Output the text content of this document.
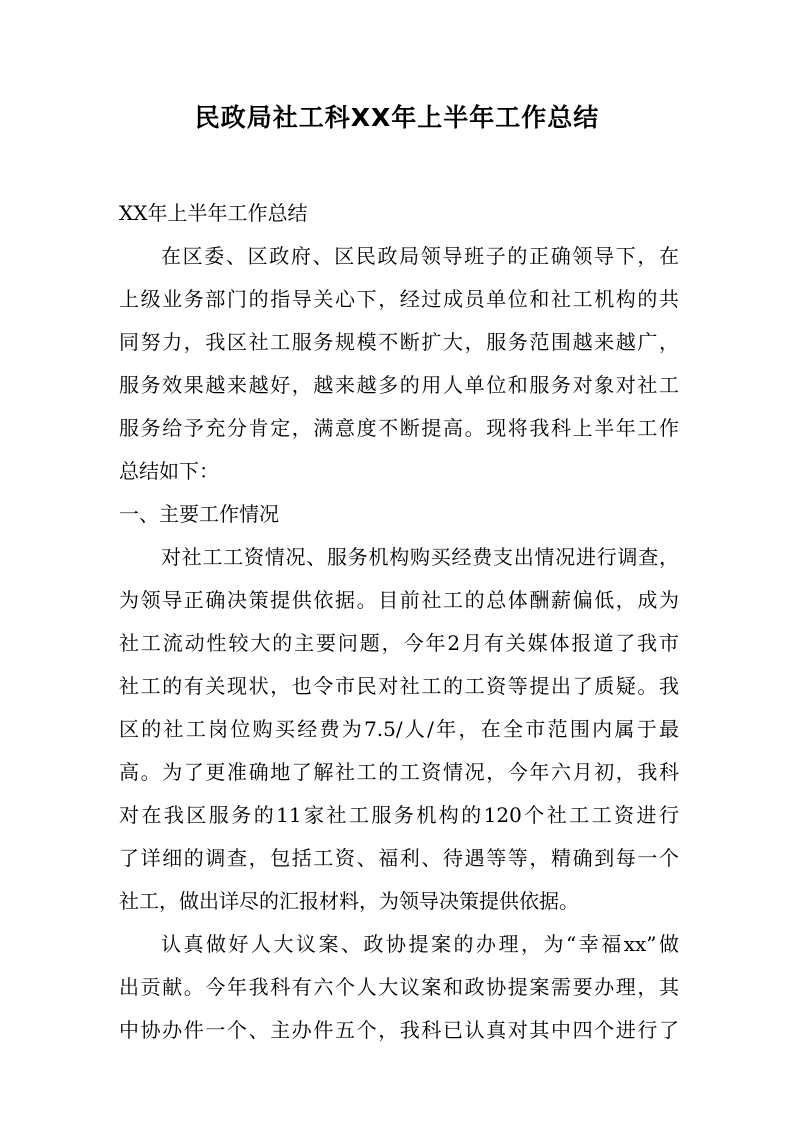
民政局社工科XX年上半年工作总结

XX年上半年工作总结

在区委、区政府、区民政局领导班子的正确领导下，在

上级业务部门的指导关心下，经过成员单位和社工机构的共

同努力，我区社工服务规模不断扩大，服务范围越来越广，

服务效果越来越好，越来越多的用人单位和服务对象对社工

服务给予充分肯定，满意度不断提高。现将我科上半年工作

总结如下：

一、主要工作情况

对社工工资情况、服务机构购买经费支出情况进行调查，

为领导正确决策提供依据。目前社工的总体酬薪偏低，成为

社工流动性较大的主要问题，今年2月有关媒体报道了我市

社工的有关现状，也令市民对社工的工资等提出了质疑。我

区的社工岗位购买经费为7.5/人/年，在全市范围内属于最

高。为了更准确地了解社工的工资情况，今年六月初，我科

对在我区服务的11家社工服务机构的120个社工工资进行

了详细的调查，包括工资、福利、待遇等等，精确到每一个

社工，做出详尽的汇报材料，为领导决策提供依据。

认真做好人大议案、政协提案的办理，为“幸福xx”做

出贡献。今年我科有六个人大议案和政协提案需要办理，其

中协办件一个、主办件五个，我科已认真对其中四个进行了
